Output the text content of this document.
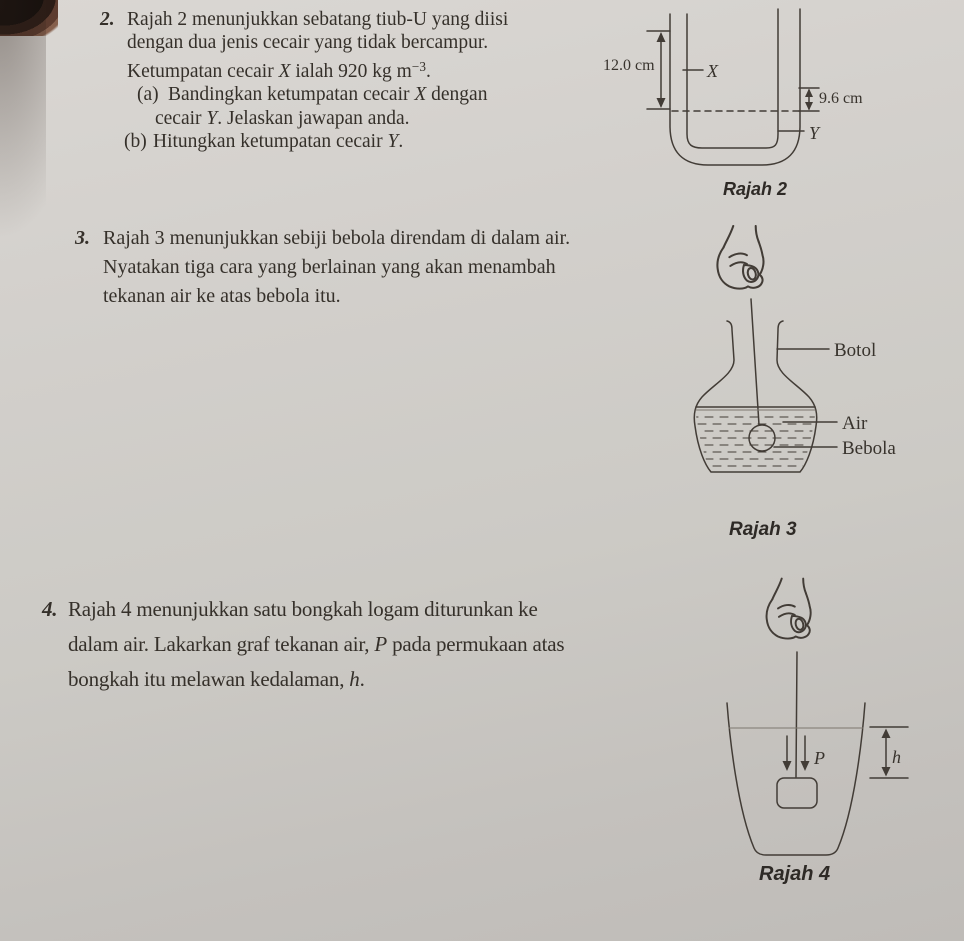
2. Rajah 2 menunjukkan sebatang tiub-U yang diisi
dengan dua jenis cecair yang tidak bercampur.
Ketumpatan cecair X ialah 920 kg $m^{-3}$.
(a) Bandingkan ketumpatan cecair X dengan
cecair Y. Jelaskan jawapan anda.
(b) Hitungkan ketumpatan cecair Y.
12.0 cm	X
9.6 cm
Y
Rajah 2
3. Rajah 3 menunjukkan sebiji bebola direndam di dalam air.
Nyatakan tiga cara yang berlainan yang akan menambah
tekanan air ke atas bebola itu.
Botol
Air
Bebola
Rajah 3
4. Rajah 4 menunjukkan satu bongkah logam diturunkan ke
dalam air. Lakarkan graf tekanan air, P pada permukaan atas
bongkah itu melawan kedalaman, h.
P	h
Rajah 4
